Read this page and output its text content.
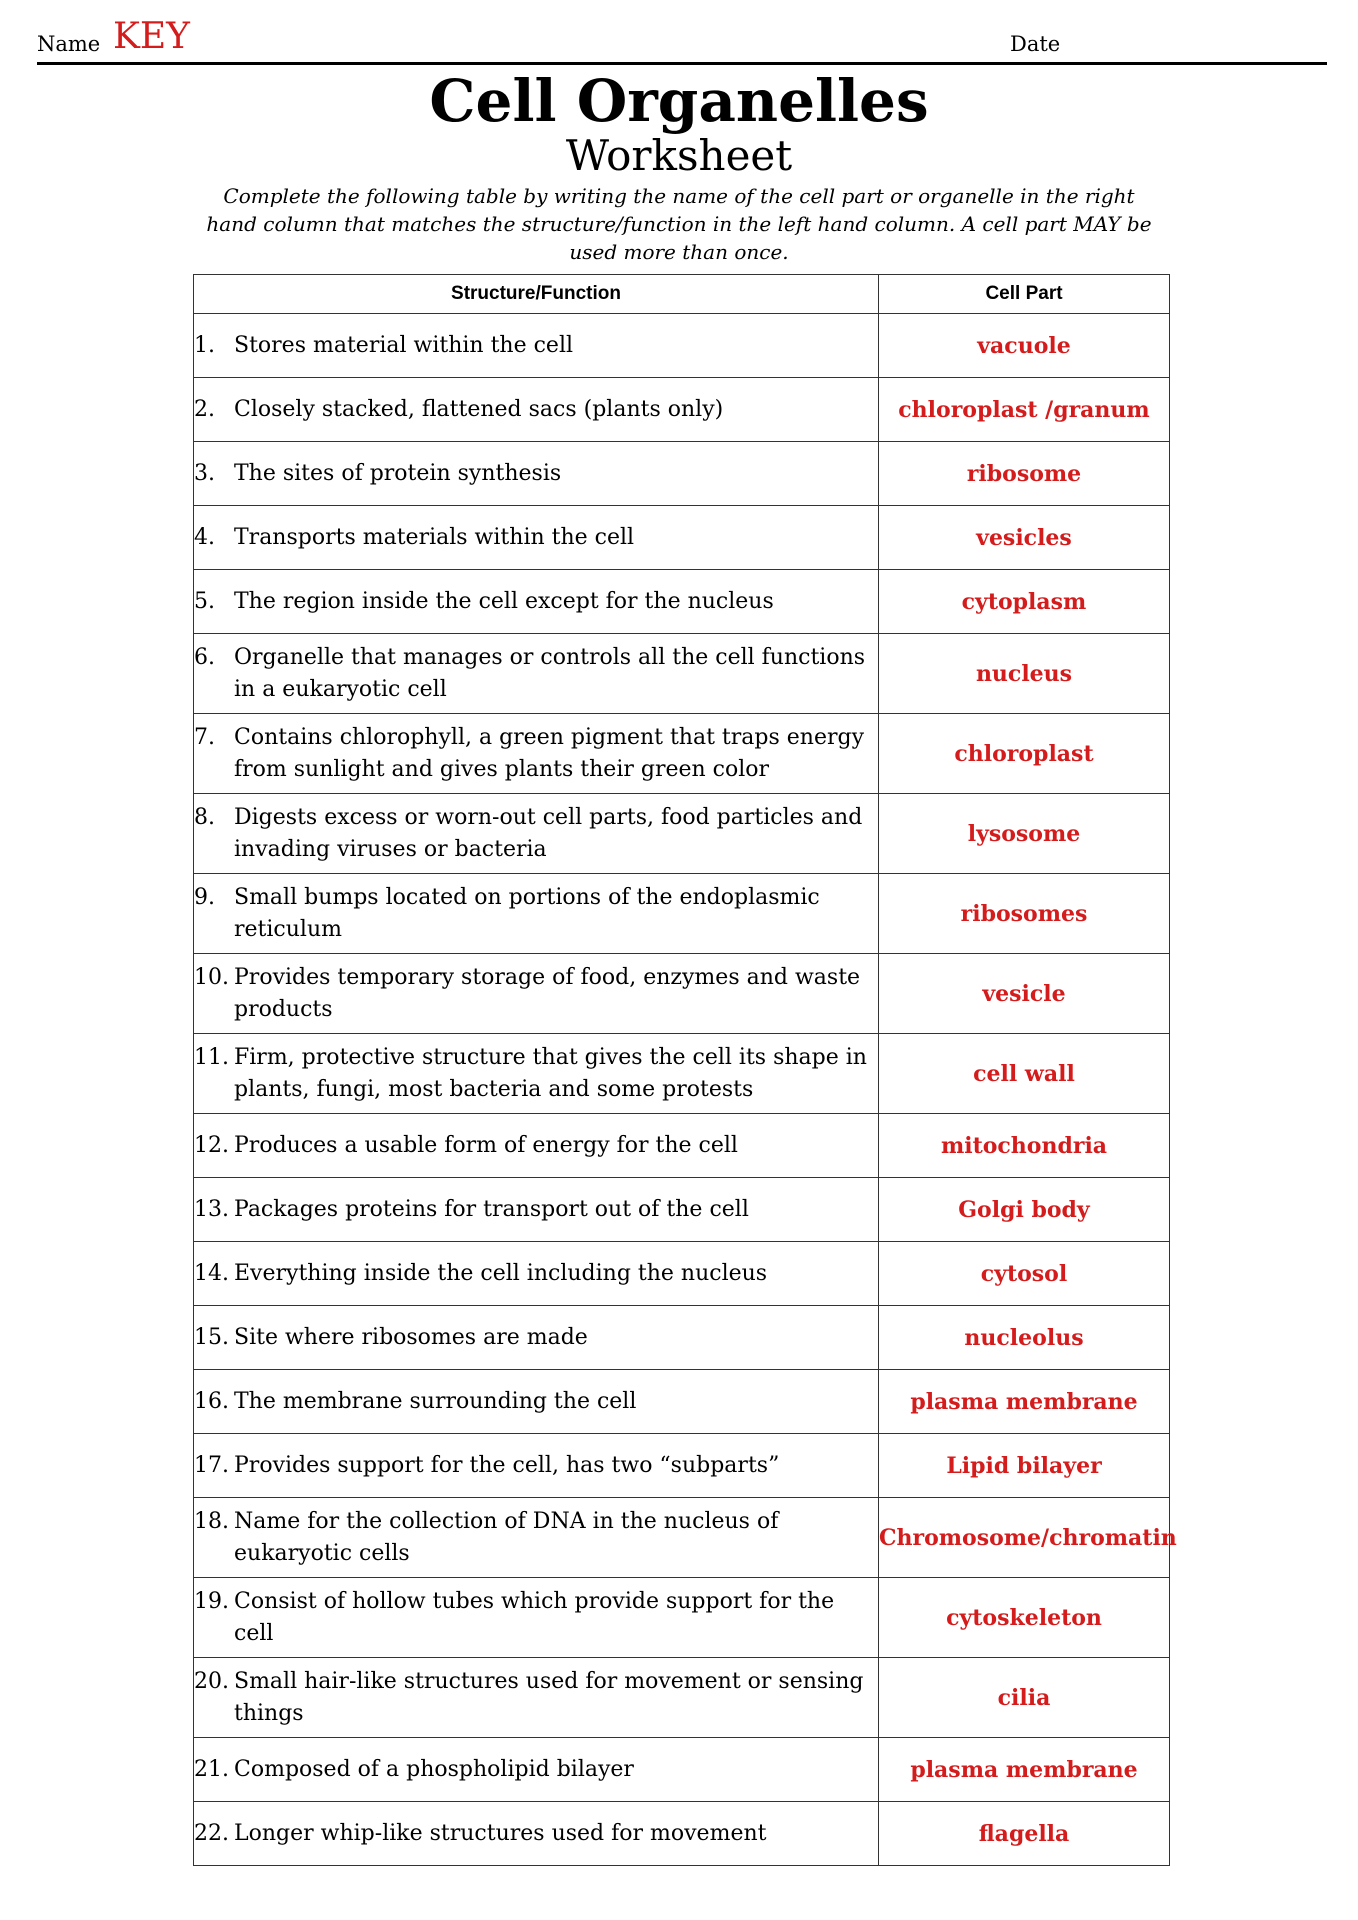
Name KEY	Date
Cell Organelles
Worksheet
Complete the following table by writing the name of the cell part or organelle in the right hand column that matches the structure/function in the left hand column. A cell part MAY be used more than once.
Structure/Function	Cell Part

1. Stores material within the cell	vacuole

2. Closely stacked, flattened sacs (plants only)	chloroplast /granum

3. The sites of protein synthesis	ribosome

4. Transports materials within the cell	vesicles

5. The region inside the cell except for the nucleus	cytoplasm

6. Organelle that manages or controls all the cell functions in a eukaryotic cell	nucleus

7. Contains chlorophyll, a green pigment that traps energy from sunlight and gives plants their green color	chloroplast

8. Digests excess or worn-out cell parts, food particles and invading viruses or bacteria	lysosome

9. Small bumps located on portions of the endoplasmic reticulum	ribosomes

10. Provides temporary storage of food, enzymes and waste products	vesicle

11. Firm, protective structure that gives the cell its shape in plants, fungi, most bacteria and some protests	cell wall

12. Produces a usable form of energy for the cell	mitochondria

13. Packages proteins for transport out of the cell	Golgi body

14. Everything inside the cell including the nucleus	cytosol

15. Site where ribosomes are made	nucleolus

16. The membrane surrounding the cell	plasma membrane

17. Provides support for the cell, has two “subparts”	Lipid bilayer

18. Name for the collection of DNA in the nucleus of eukaryotic cells	Chromosome/chromatin

19. Consist of hollow tubes which provide support for the cell	cytoskeleton

20. Small hair-like structures used for movement or sensing things	cilia

21. Composed of a phospholipid bilayer	plasma membrane

22. Longer whip-like structures used for movement	flagella
